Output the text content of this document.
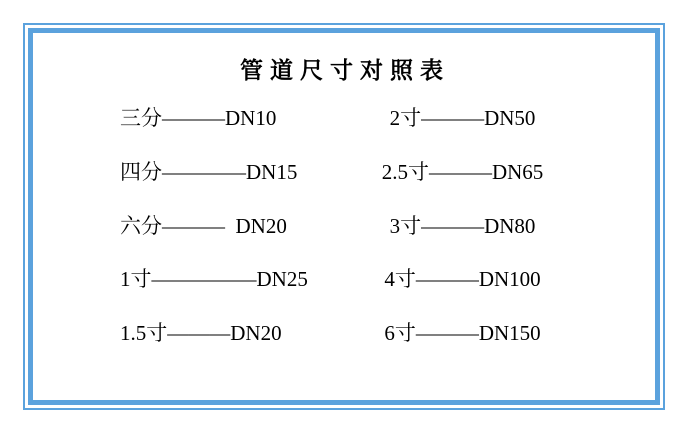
管道尺寸对照表
三分———DN10	2寸———DN50
四分————DN15	2.5寸———DN65
六分———  DN20	3寸———DN80
1寸—————DN25	4寸———DN100
1.5寸———DN20	6寸———DN150
